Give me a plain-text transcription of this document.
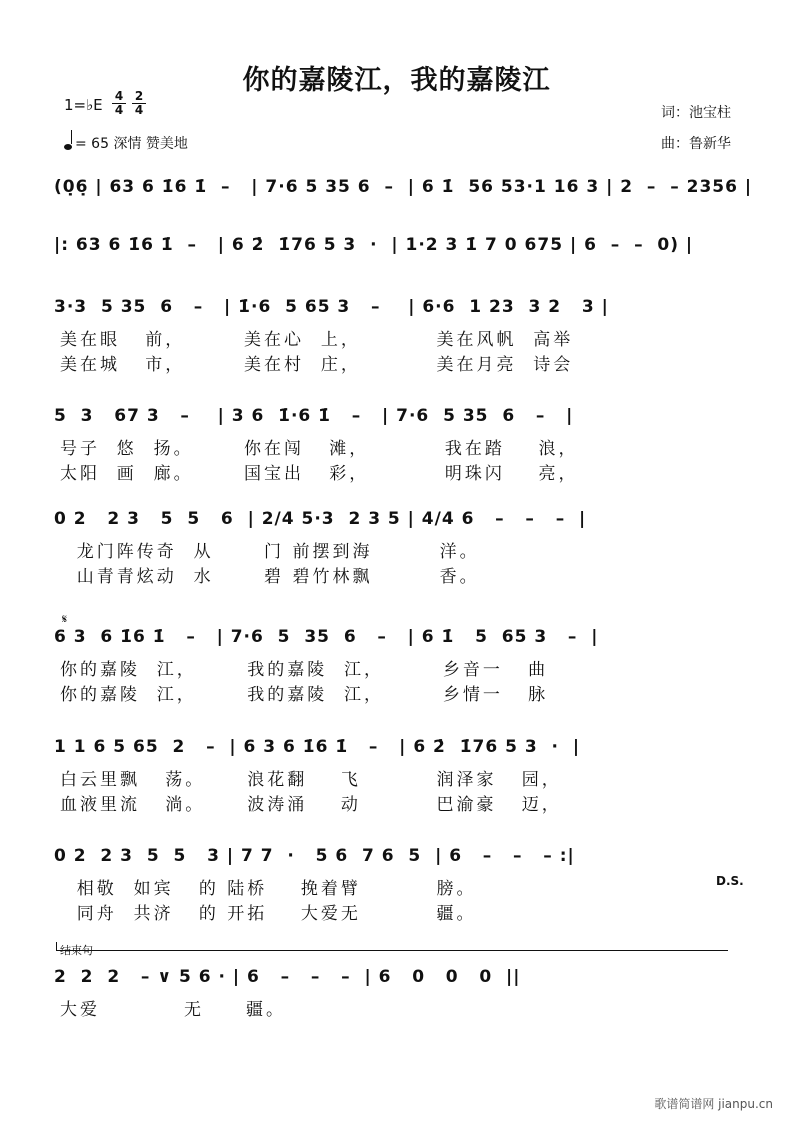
你的嘉陵江，我的嘉陵江
1=♭E 4 2
4 4	词：池宝柱
曲：鲁新华
= 65 深情 赞美地
(0̣6̣ | 63 6 1̇6 1̇  –   | 7·6 5 35 6  –  | 6 1̇  56 53·1 16 3 | 2  –  – 2356 |
|: 63 6 1̇6 1̇  –   | 6 2̇  1̇76 5 3  ·  | 1·2 3 1̇ 7 0 675 | 6  –  –  0) |
3·3  5 35  6   –   | 1̇·6  5 65 3   –    | 6·6  1 23  3 2   3 |
美在眼   前，       美在心  上，         美在风帆  高举
美在城   市，       美在村  庄，         美在月亮  诗会
5  3   67 3   –    | 3 6  1̇·6 1̇   –   | 7·6  5 35  6   –   |
号子  悠  扬。      你在闯   滩，         我在踏    浪，
太阳  画  廊。      国宝出   彩，         明珠闪    亮，
0 2   2 3   5  5   6  | 2/4 5·3  2 3 5 | 4/4 6   –   –   –  |
龙门阵传奇  从      门 前摆到海        洋。
山青青炫动  水      碧 碧竹林飘        香。
𝄋
6 3  6 1̇6 1̇   –   | 7·6  5  35  6   –   | 6 1̇   5  65 3   –  |
你的嘉陵  江，      我的嘉陵  江，       乡音一   曲
你的嘉陵  江，      我的嘉陵  江，       乡情一   脉
1 1 6 5 65  2   –  | 6 3 6 1̇6 1̇   –   | 6 2̇  1̇76 5 3  ·  |
白云里飘   荡。     浪花翻    飞         润泽家   园，
血液里流   淌。     波涛涌    动         巴渝豪   迈，
0 2  2 3  5  5   3 | 7 7  ·   5 6  7 6  5  | 6   –   –   – :|
D.S.
相敬  如宾   的 陆桥    挽着臂         膀。
同舟  共济   的 开拓    大爱无         疆。
结束句
2  2  2   – ∨ 5 6 · | 6   –   –   –  | 6   0   0   0  ||
大爱          无     疆。
歌谱简谱网 jianpu.cn
